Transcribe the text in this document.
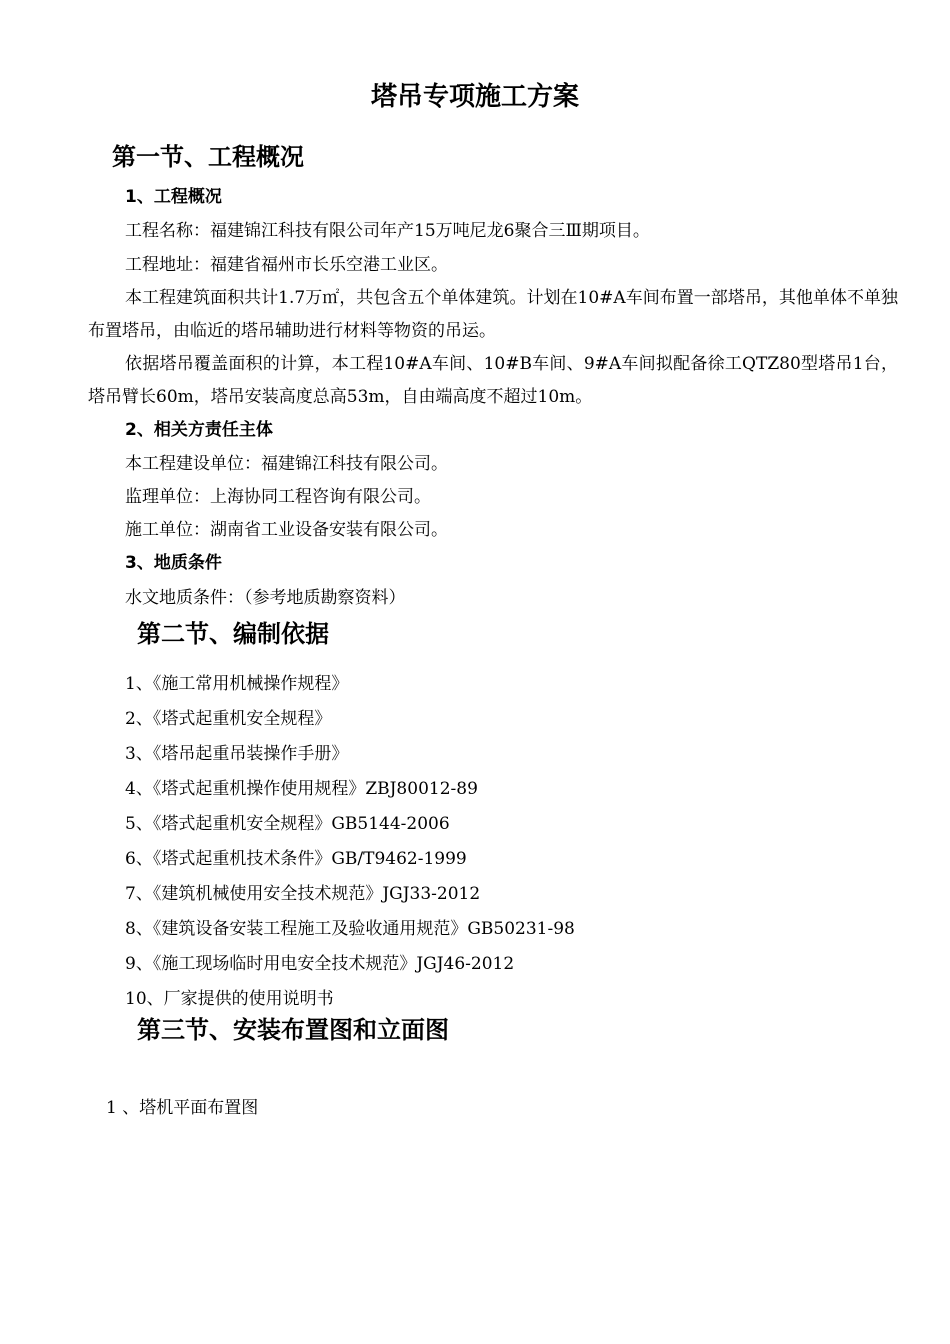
塔吊专项施工方案
第一节、工程概况
1、工程概况
工程名称：福建锦江科技有限公司年产15万吨尼龙6聚合三Ⅲ期项目。
工程地址：福建省福州市长乐空港工业区。
本工程建筑面积共计1.7万㎡，共包含五个单体建筑。计划在10#A车间布置一部塔吊，其他单体不单独布置塔吊，由临近的塔吊辅助进行材料等物资的吊运。
依据塔吊覆盖面积的计算，本工程10#A车间、10#B车间、9#A车间拟配备徐工QTZ80型塔吊1台，塔吊臂长60m，塔吊安装高度总高53m，自由端高度不超过10m。
2、相关方责任主体
本工程建设单位：福建锦江科技有限公司。
监理单位：上海协同工程咨询有限公司。
施工单位：湖南省工业设备安装有限公司。
3、地质条件
水文地质条件：（参考地质勘察资料）
第二节、编制依据
1、《施工常用机械操作规程》
2、《塔式起重机安全规程》
3、《塔吊起重吊装操作手册》
4、《塔式起重机操作使用规程》ZBJ80012-89
5、《塔式起重机安全规程》GB5144-2006
6、《塔式起重机技术条件》GB/T9462-1999
7、《建筑机械使用安全技术规范》JGJ33-2012
8、《建筑设备安装工程施工及验收通用规范》GB50231-98
9、《施工现场临时用电安全技术规范》JGJ46-2012
10、厂家提供的使用说明书
第三节、安装布置图和立面图
1 、塔机平面布置图
